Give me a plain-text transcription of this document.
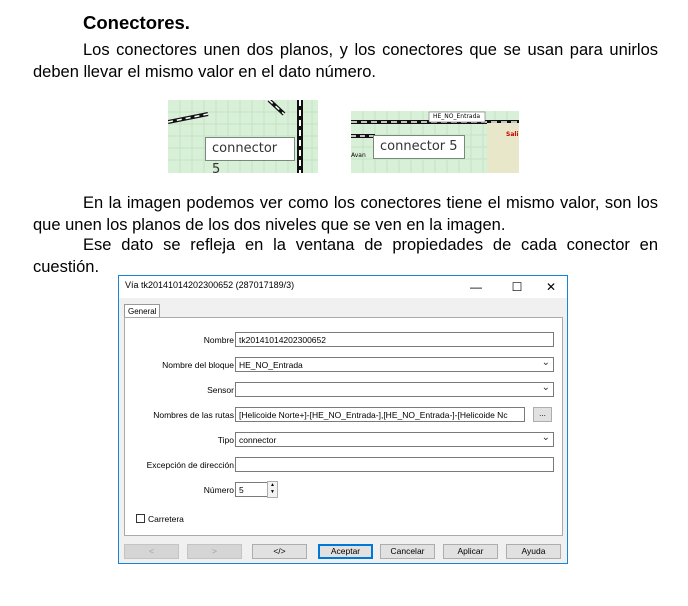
Conectores.

Los conectores unen dos planos, y los conectores que se usan para unirlos deben llevar el mismo valor en el dato número.

connector 5
HE_NO_Entrada
Sali
Avan
connector 5

En la imagen podemos ver como los conectores tiene el mismo valor, son los que unen los planos de los dos niveles que se ven en la imagen.

Ese dato se refleja en la ventana de propiedades de cada conector en cuestión.

Vía tk20141014202300652 (287017189/3)	—	☐	✕
General
Nombre tk20141014202300652
Nombre del bloque HE_NO_Entrada ⌄
Sensor
⌄
Nombres de las rutas [Helicoide Norte+]-[HE_NO_Entrada-],[HE_NO_Entrada-]-[Helicoide Nc	...
Tipo connector ⌄
Excepción de dirección
Número 5	▲
▼
Carretera
<	>	</>	Aceptar	Cancelar	Aplicar	Ayuda
